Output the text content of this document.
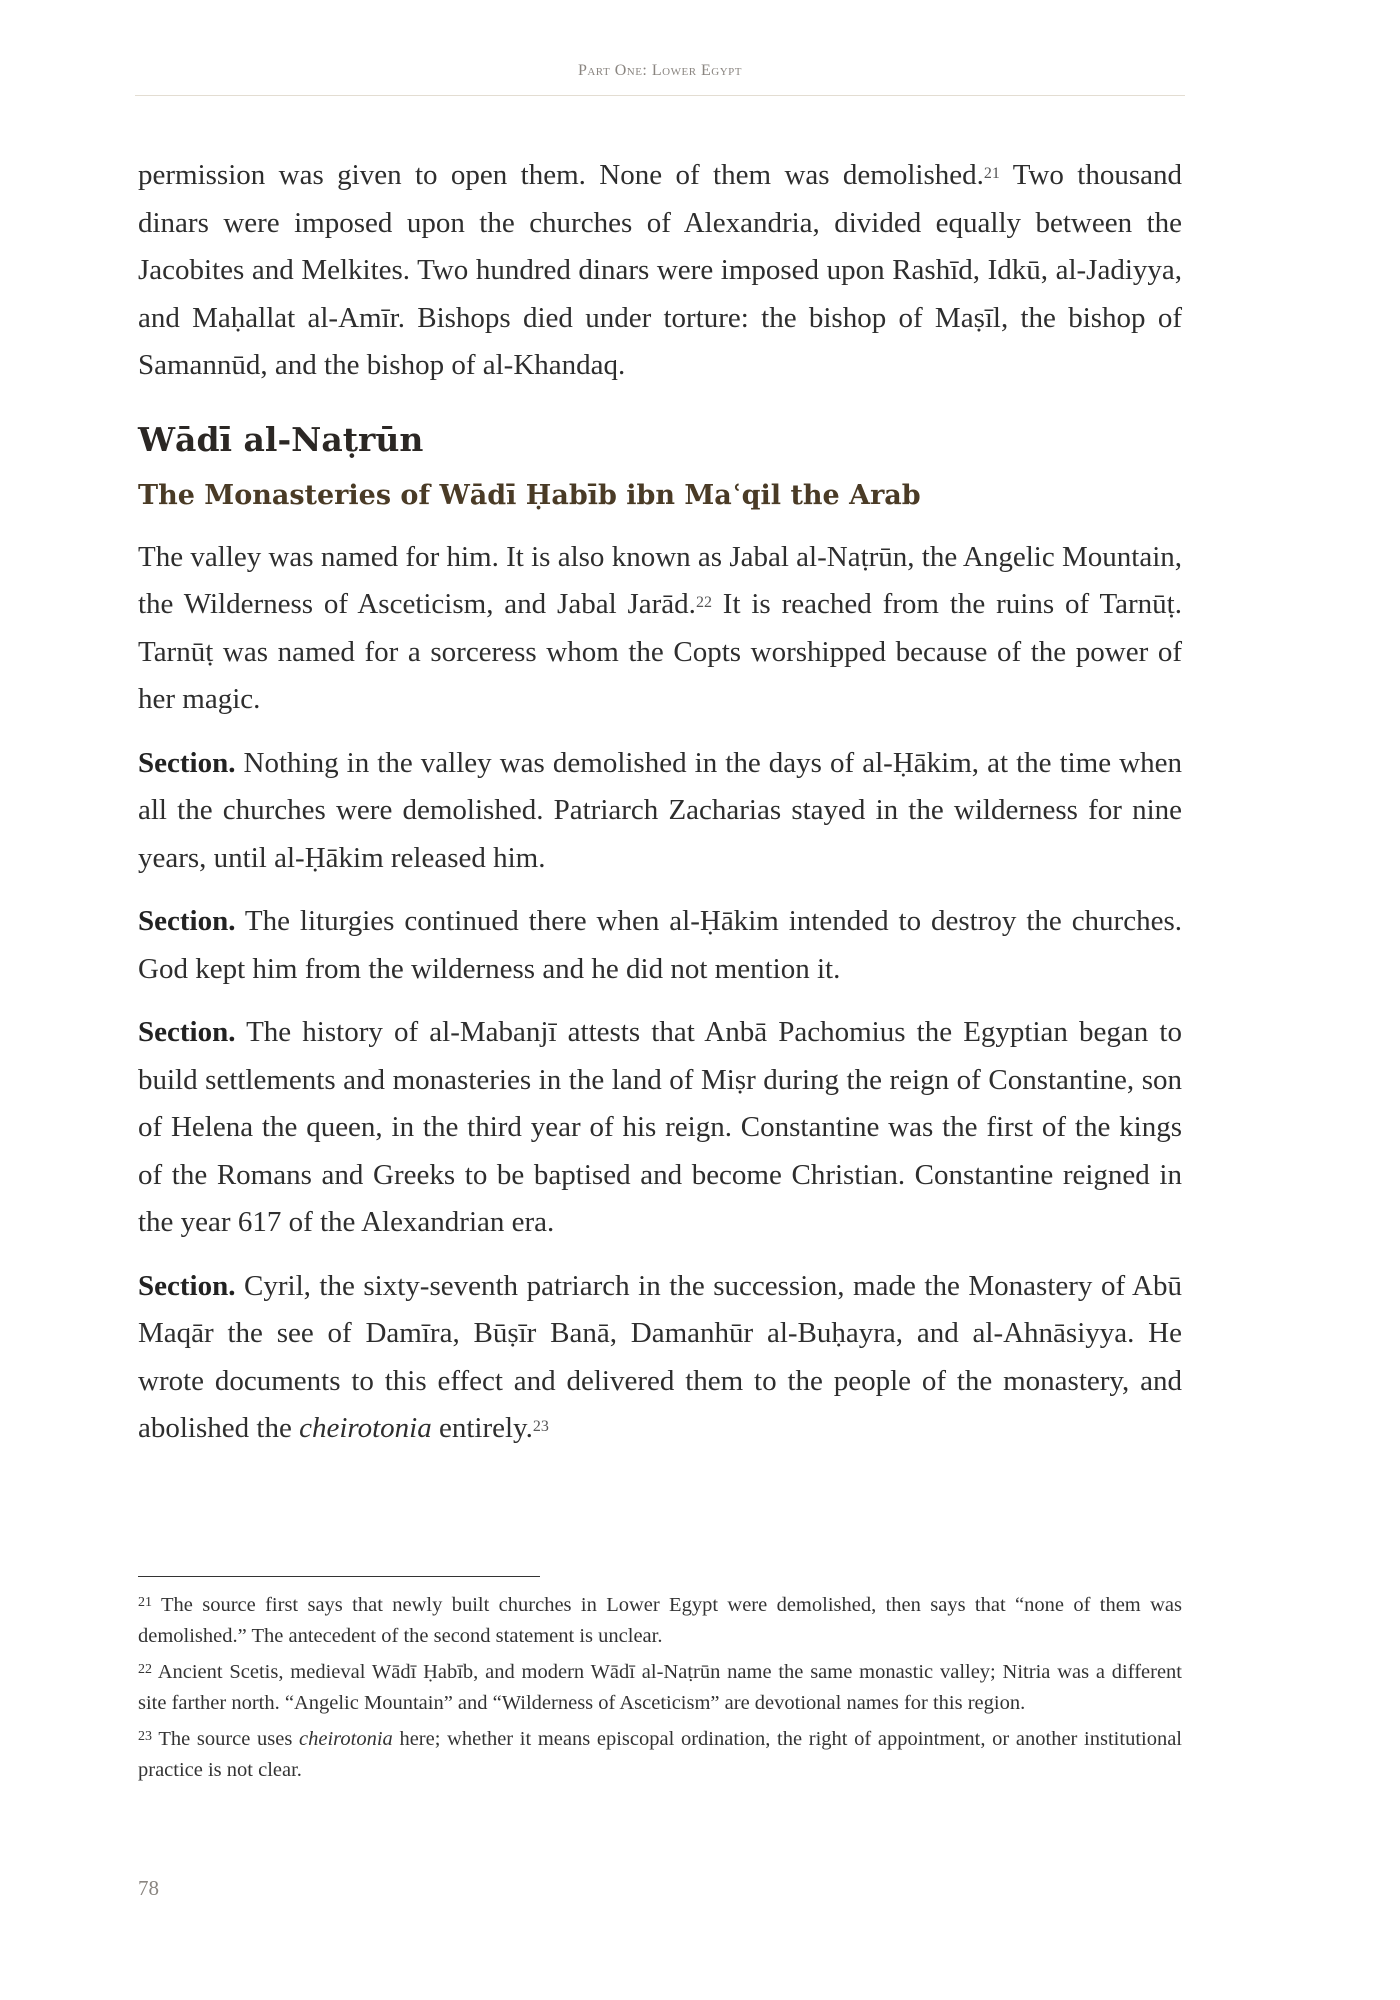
Part One: Lower Egypt

permission was given to open them. None of them was demolished.$^{21}$ Two thousand dinars were imposed upon the churches of Alexandria, divided equally between the Jacobites and Melkites. Two hundred dinars were imposed upon Rashīd, Idkū, al-Jadiyya, and Maḥallat al-Amīr. Bishops died under torture: the bishop of Maṣīl, the bishop of Samannūd, and the bishop of al-Khandaq.

Wādī al-Naṭrūn
The Monasteries of Wādī Ḥabīb ibn Maʿqil the Arab

The valley was named for him. It is also known as Jabal al-Naṭrūn, the Angelic Mountain, the Wilderness of Asceticism, and Jabal Jarād.$^{22}$ It is reached from the ruins of Tarnūṭ. Tarnūṭ was named for a sorceress whom the Copts worshipped because of the power of her magic.

Section. Nothing in the valley was demolished in the days of al-Ḥākim, at the time when all the churches were demolished. Patriarch Zacharias stayed in the wilderness for nine years, until al-Ḥākim released him.

Section. The liturgies continued there when al-Ḥākim intended to destroy the churches. God kept him from the wilderness and he did not mention it.

Section. The history of al-Mabanjī attests that Anbā Pachomius the Egyptian began to build settlements and monasteries in the land of Miṣr during the reign of Constantine, son of Helena the queen, in the third year of his reign. Constantine was the first of the kings of the Romans and Greeks to be baptised and become Christian. Constantine reigned in the year 617 of the Alexandrian era.

Section. Cyril, the sixty-seventh patriarch in the succession, made the Monastery of Abū Maqār the see of Damīra, Būṣīr Banā, Damanhūr al-Buḥayra, and al-Ahnāsiyya. He wrote documents to this effect and delivered them to the people of the monastery, and abolished the cheirotonia entirely.$^{23}$

$^{21}$ The source first says that newly built churches in Lower Egypt were demolished, then says that “none of them was demolished.” The antecedent of the second statement is unclear.

$^{22}$ Ancient Scetis, medieval Wādī Ḥabīb, and modern Wādī al-Naṭrūn name the same monastic valley; Nitria was a different site farther north. “Angelic Mountain” and “Wilderness of Asceticism” are devotional names for this region.

$^{23}$ The source uses cheirotonia here; whether it means episcopal ordination, the right of appointment, or another institutional practice is not clear.

78
